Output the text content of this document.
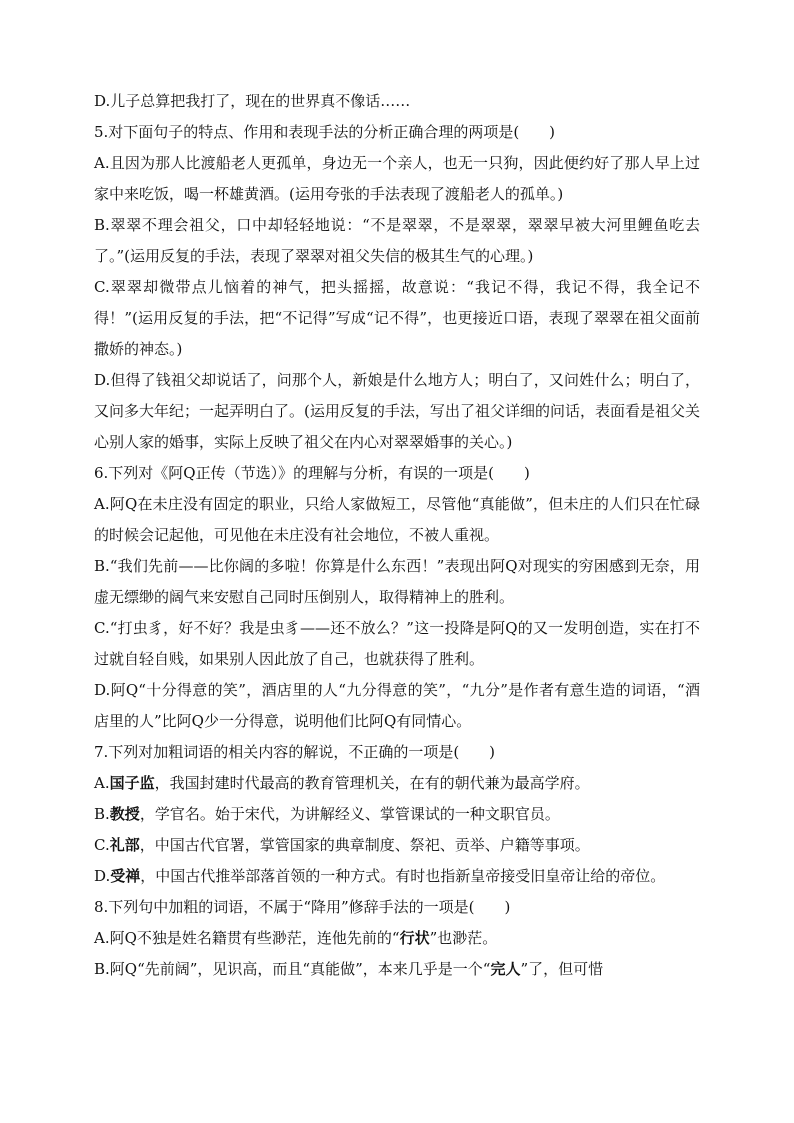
D.儿子总算把我打了，现在的世界真不像话……

5.对下面句子的特点、作用和表现手法的分析正确合理的两项是(　　)

A.且因为那人比渡船老人更孤单，身边无一个亲人，也无一只狗，因此便约好了那人早上过家中来吃饭，喝一杯雄黄酒。(运用夸张的手法表现了渡船老人的孤单。)

B.翠翠不理会祖父，口中却轻轻地说：“不是翠翠，不是翠翠，翠翠早被大河里鲤鱼吃去了。”(运用反复的手法，表现了翠翠对祖父失信的极其生气的心理。)

C.翠翠却微带点儿恼着的神气，把头摇摇，故意说：“我记不得，我记不得，我全记不得！”(运用反复的手法，把“不记得”写成“记不得”，也更接近口语，表现了翠翠在祖父面前撒娇的神态。)

D.但得了钱祖父却说话了，问那个人，新娘是什么地方人；明白了，又问姓什么；明白了，又问多大年纪；一起弄明白了。(运用反复的手法，写出了祖父详细的问话，表面看是祖父关心别人家的婚事，实际上反映了祖父在内心对翠翠婚事的关心。)

6.下列对《阿Q正传（节选）》的理解与分析，有误的一项是(　　)

A.阿Q在未庄没有固定的职业，只给人家做短工，尽管他“真能做”，但未庄的人们只在忙碌的时候会记起他，可见他在未庄没有社会地位，不被人重视。

B.“我们先前——比你阔的多啦！你算是什么东西！”表现出阿Q对现实的穷困感到无奈，用虚无缥缈的阔气来安慰自己同时压倒别人，取得精神上的胜利。

C.“打虫豸，好不好？我是虫豸——还不放么？”这一投降是阿Q的又一发明创造，实在打不过就自轻自贱，如果别人因此放了自己，也就获得了胜利。

D.阿Q“十分得意的笑”，酒店里的人“九分得意的笑”，“九分”是作者有意生造的词语，“酒店里的人”比阿Q少一分得意，说明他们比阿Q有同情心。

7.下列对加粗词语的相关内容的解说，不正确的一项是(　　)

A.国子监，我国封建时代最高的教育管理机关，在有的朝代兼为最高学府。

B.教授，学官名。始于宋代，为讲解经义、掌管课试的一种文职官员。

C.礼部，中国古代官署，掌管国家的典章制度、祭祀、贡举、户籍等事项。

D.受禅，中国古代推举部落首领的一种方式。有时也指新皇帝接受旧皇帝让给的帝位。

8.下列句中加粗的词语，不属于“降用”修辞手法的一项是(　　)

A.阿Q不独是姓名籍贯有些渺茫，连他先前的“行状”也渺茫。

B.阿Q“先前阔”，见识高，而且“真能做”，本来几乎是一个“完人”了，但可惜
